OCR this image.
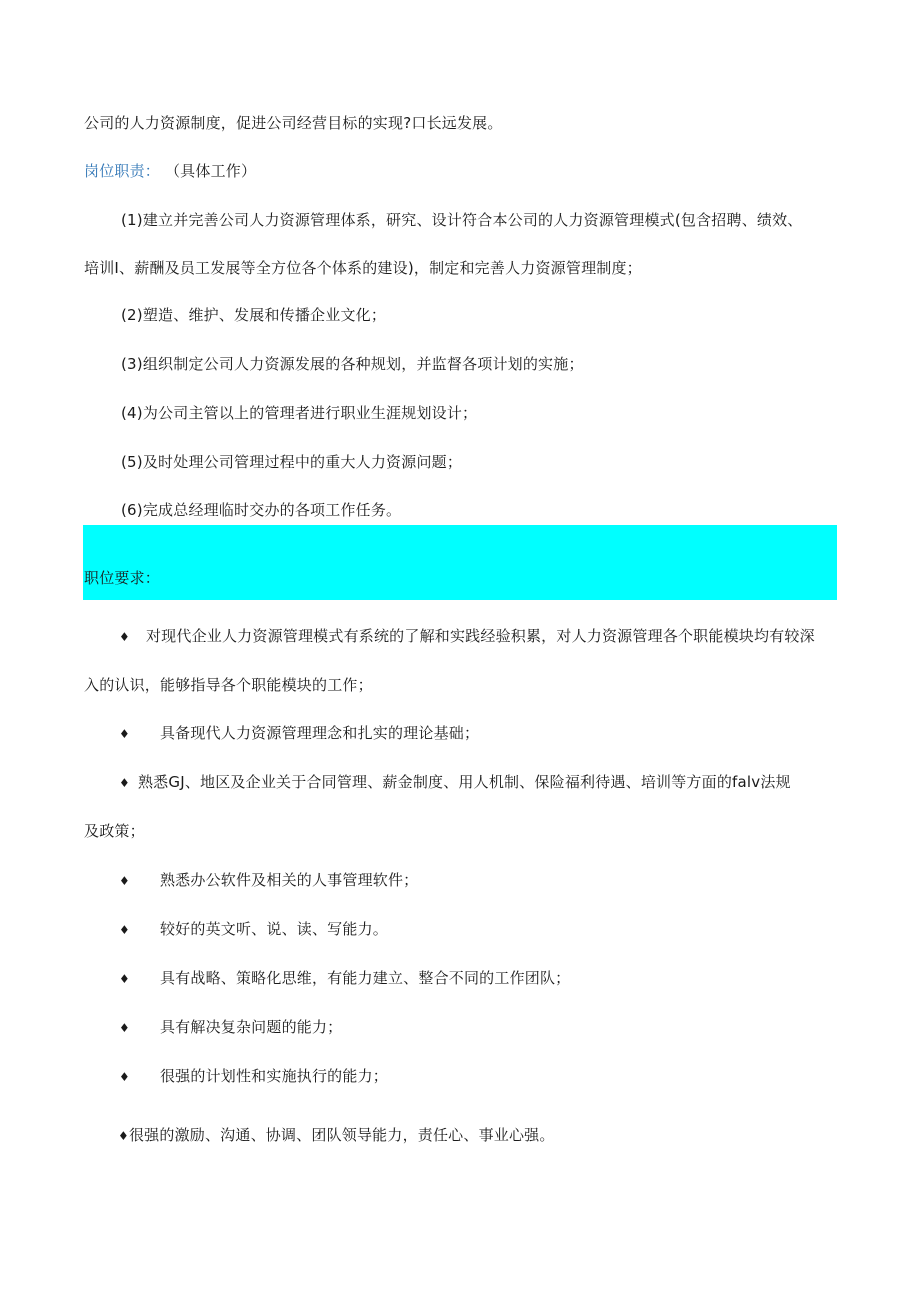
公司的人力资源制度，促进公司经营目标的实现?口长远发展。
岗位职责： （具体工作）
(1)建立并完善公司人力资源管理体系，研究、设计符合本公司的人力资源管理模式(包含招聘、绩效、
培训Ⅰ、薪酬及员工发展等全方位各个体系的建设)，制定和完善人力资源管理制度；
(2)塑造、维护、发展和传播企业文化；
(3)组织制定公司人力资源发展的各种规划，并监督各项计划的实施；
(4)为公司主管以上的管理者进行职业生涯规划设计；
(5)及时处理公司管理过程中的重大人力资源问题；
(6)完成总经理临时交办的各项工作任务。
职位要求：
♦ 对现代企业人力资源管理模式有系统的了解和实践经验积累，对人力资源管理各个职能模块均有较深
入的认识，能够指导各个职能模块的工作；
♦ 具备现代人力资源管理理念和扎实的理论基础；
♦ 熟悉GJ、地区及企业关于合同管理、薪金制度、用人机制、保险福利待遇、培训等方面的falv法规
及政策；
♦ 熟悉办公软件及相关的人事管理软件；
♦ 较好的英文听、说、读、写能力。
♦ 具有战略、策略化思维，有能力建立、整合不同的工作团队；
♦ 具有解决复杂问题的能力；
♦ 很强的计划性和实施执行的能力；
♦很强的激励、沟通、协调、团队领导能力，责任心、事业心强。
